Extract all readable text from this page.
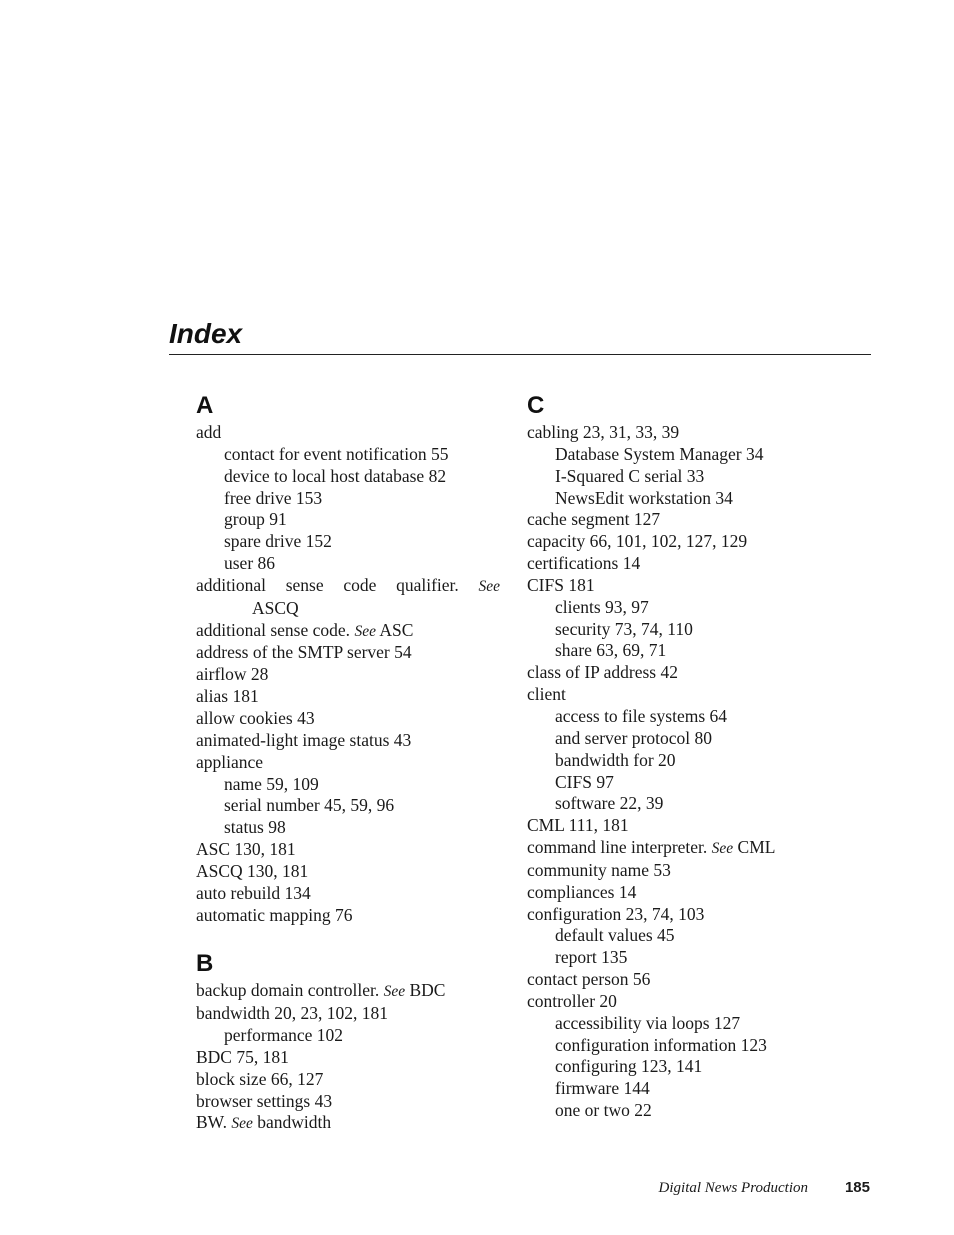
Index
A
add
contact for event notification 55
device to local host database 82
free drive 153
group 91
spare drive 152
user 86
additional sense code qualifier. See
ASCQ
additional sense code. See ASC
address of the SMTP server 54
airflow 28
alias 181
allow cookies 43
animated-light image status 43
appliance
name 59, 109
serial number 45, 59, 96
status 98
ASC 130, 181
ASCQ 130, 181
auto rebuild 134
automatic mapping 76
B
backup domain controller. See BDC
bandwidth 20, 23, 102, 181
performance 102
BDC 75, 181
block size 66, 127
browser settings 43
BW. See bandwidth
C
cabling 23, 31, 33, 39
Database System Manager 34
I-Squared C serial 33
NewsEdit workstation 34
cache segment 127
capacity 66, 101, 102, 127, 129
certifications 14
CIFS 181
clients 93, 97
security 73, 74, 110
share 63, 69, 71
class of IP address 42
client
access to file systems 64
and server protocol 80
bandwidth for 20
CIFS 97
software 22, 39
CML 111, 181
command line interpreter. See CML
community name 53
compliances 14
configuration 23, 74, 103
default values 45
report 135
contact person 56
controller 20
accessibility via loops 127
configuration information 123
configuring 123, 141
firmware 144
one or two 22
Digital News Production 185
